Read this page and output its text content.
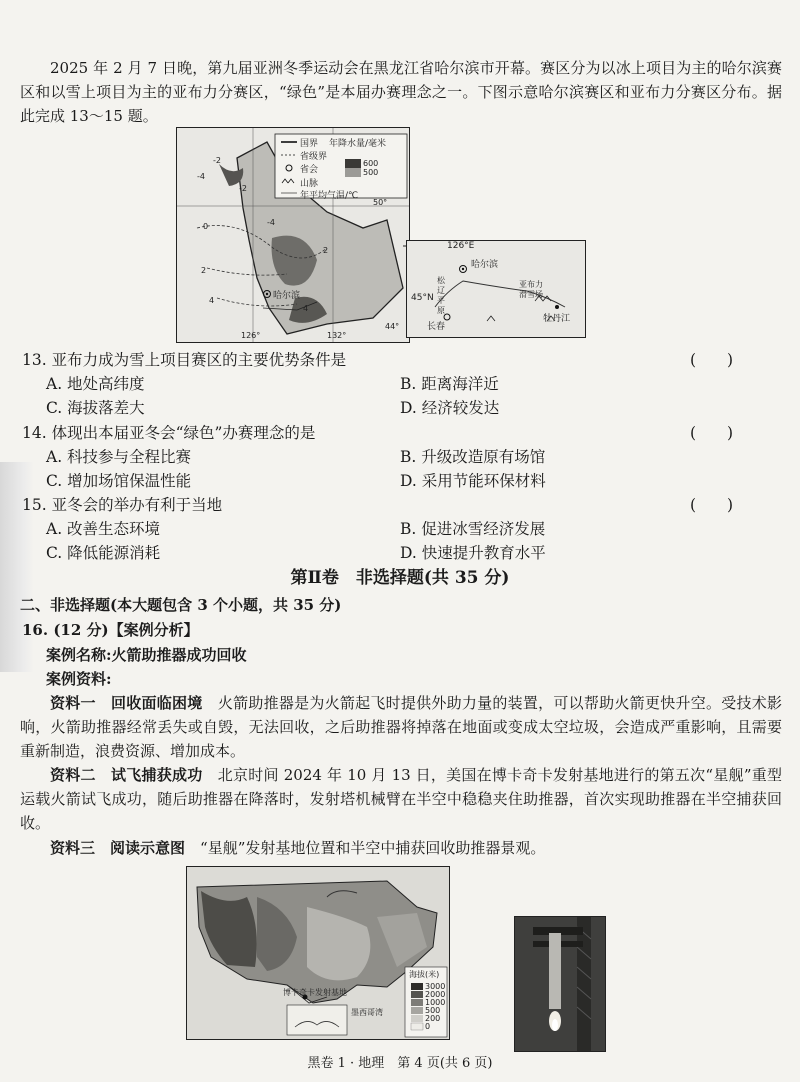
2025 年 2 月 7 日晚，第九届亚洲冬季运动会在黑龙江省哈尔滨市开幕。赛区分为以冰上项目为主的哈尔滨赛区和以雪上项目为主的亚布力分赛区，“绿色”是本届办赛理念之一。下图示意哈尔滨赛区和亚布力分赛区分布。据此完成 13～15 题。
国界 年降水量/毫米
省级界
省会
山脉
年平均气温/℃
600
500
50°
44°
126°	132°
-4
-2
-2
-4
0
2
4
4
2
哈尔滨
126°E
45°N
哈尔滨
松
辽
平
原
亚布力
滑雪场
长春
牡丹江
13. 亚布力成为雪上项目赛区的主要优势条件是	(　　)
A. 地处高纬度	B. 距离海洋近
C. 海拔落差大	D. 经济较发达
14. 体现出本届亚冬会“绿色”办赛理念的是	(　　)
A. 科技参与全程比赛	B. 升级改造原有场馆
C. 增加场馆保温性能	D. 采用节能环保材料
15. 亚冬会的举办有利于当地	(　　)
A. 改善生态环境	B. 促进冰雪经济发展
C. 降低能源消耗	D. 快速提升教育水平
第Ⅱ卷　非选择题(共 35 分)
二、非选择题(本大题包含 3 个小题，共 35 分)
16. (12 分)【案例分析】
案例名称:火箭助推器成功回收
案例资料:
资料一　回收面临困境　 火箭助推器是为火箭起飞时提供外助力量的装置，可以帮助火箭更快升空。受技术影响，火箭助推器经常丢失或自毁，无法回收，之后助推器将掉落在地面或变成太空垃圾，会造成严重影响，且需要重新制造，浪费资源、增加成本。
资料二　试飞捕获成功　 北京时间 2024 年 10 月 13 日，美国在博卡奇卡发射基地进行的第五次“星舰”重型运载火箭试飞成功，随后助推器在降落时，发射塔机械臂在半空中稳稳夹住助推器，首次实现助推器在半空捕获回收。
资料三　阅读示意图　 “星舰”发射基地位置和半空中捕获回收助推器景观。
海拔(米)
3000
2000
1000
500
200
0
博卡奇卡发射基地
墨西哥湾
黑卷 1 · 地理　第 4 页(共 6 页)
